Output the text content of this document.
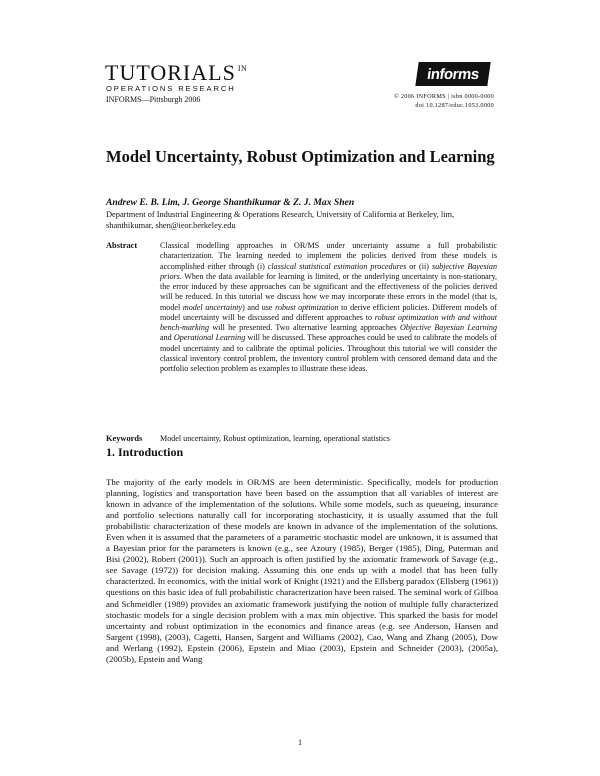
TUTORIALS $^{IN}$
OPERATIONS RESEARCH
INFORMS—Pittsburgh 2006
informs
© 2006 INFORMS | isbn 0000-0000
doi 10.1287/educ.1053.0000
Model Uncertainty, Robust Optimization and Learning
Andrew E. B. Lim, J. George Shanthikumar & Z. J. Max Shen
Department of Industrial Engineering & Operations Research, University of California at Berkeley, lim, shanthikumar, shen@ieor.berkeley.edu
Abstract	Classical modelling approaches in OR/MS under uncertainty assume a full probabilistic characterization. The learning needed to implement the policies derived from these models is accomplished either through (i) classical statistical estimation procedures or (ii) subjective Bayesian priors. When the data available for learning is limited, or the underlying uncertainty is non-stationary, the error induced by these approaches can be significant and the effectiveness of the policies derived will be reduced. In this tutorial we discuss how we may incorporate these errors in the model (that is, model model uncertainty) and use robust optimization to derive efficient policies. Different models of model uncertainty will be discussed and different approaches to robust optimization with and without bench-marking will be presented. Two alternative learning approaches Objective Bayesian Learning and Operational Learning will be discussed. These approaches could be used to calibrate the models of model uncertainty and to calibrate the optimal policies. Throughout this tutorial we will consider the classical inventory control problem, the inventory control problem with censored demand data and the portfolio selection problem as examples to illustrate these ideas.

Keywords Model uncertainty, Robust optimization, learning, operational statistics
1. Introduction

The majority of the early models in OR/MS are been deterministic. Specifically, models for production planning, logistics and transportation have been based on the assumption that all variables of interest are known in advance of the implementation of the solutions. While some models, such as queueing, insurance and portfolio selections naturally call for incorporating stochasticity, it is usually assumed that the full probabilistic characterization of these models are known in advance of the implementation of the solutions. Even when it is assumed that the parameters of a parametric stochastic model are unknown, it is assumed that a Bayesian prior for the parameters is known (e.g., see Azoury (1985), Berger (1985), Ding, Puterman and Bisi (2002), Robert (2001)). Such an approach is often justified by the axiomatic framework of Savage (e.g., see Savage (1972)) for decision making. Assuming this one ends up with a model that has been fully characterized. In economics, with the initial work of Knight (1921) and the Ellsberg paradox (Ellsberg (1961)) questions on this basic idea of full probabilistic characterization have been raised. The seminal work of Gilboa and Schmeidler (1989) provides an axiomatic framework justifying the notion of multiple fully characterized stochastic models for a single decision problem with a max min objective. This sparked the basis for model uncertainty and robust optimization in the economics and finance areas (e.g. see Anderson, Hansen and Sargent (1998), (2003), Cagetti, Hansen, Sargent and Williams (2002), Cao, Wang and Zhang (2005), Dow and Werlang (1992), Epstein (2006), Epstein and Miao (2003), Epstein and Schneider (2003), (2005a), (2005b), Epstein and Wang

1
